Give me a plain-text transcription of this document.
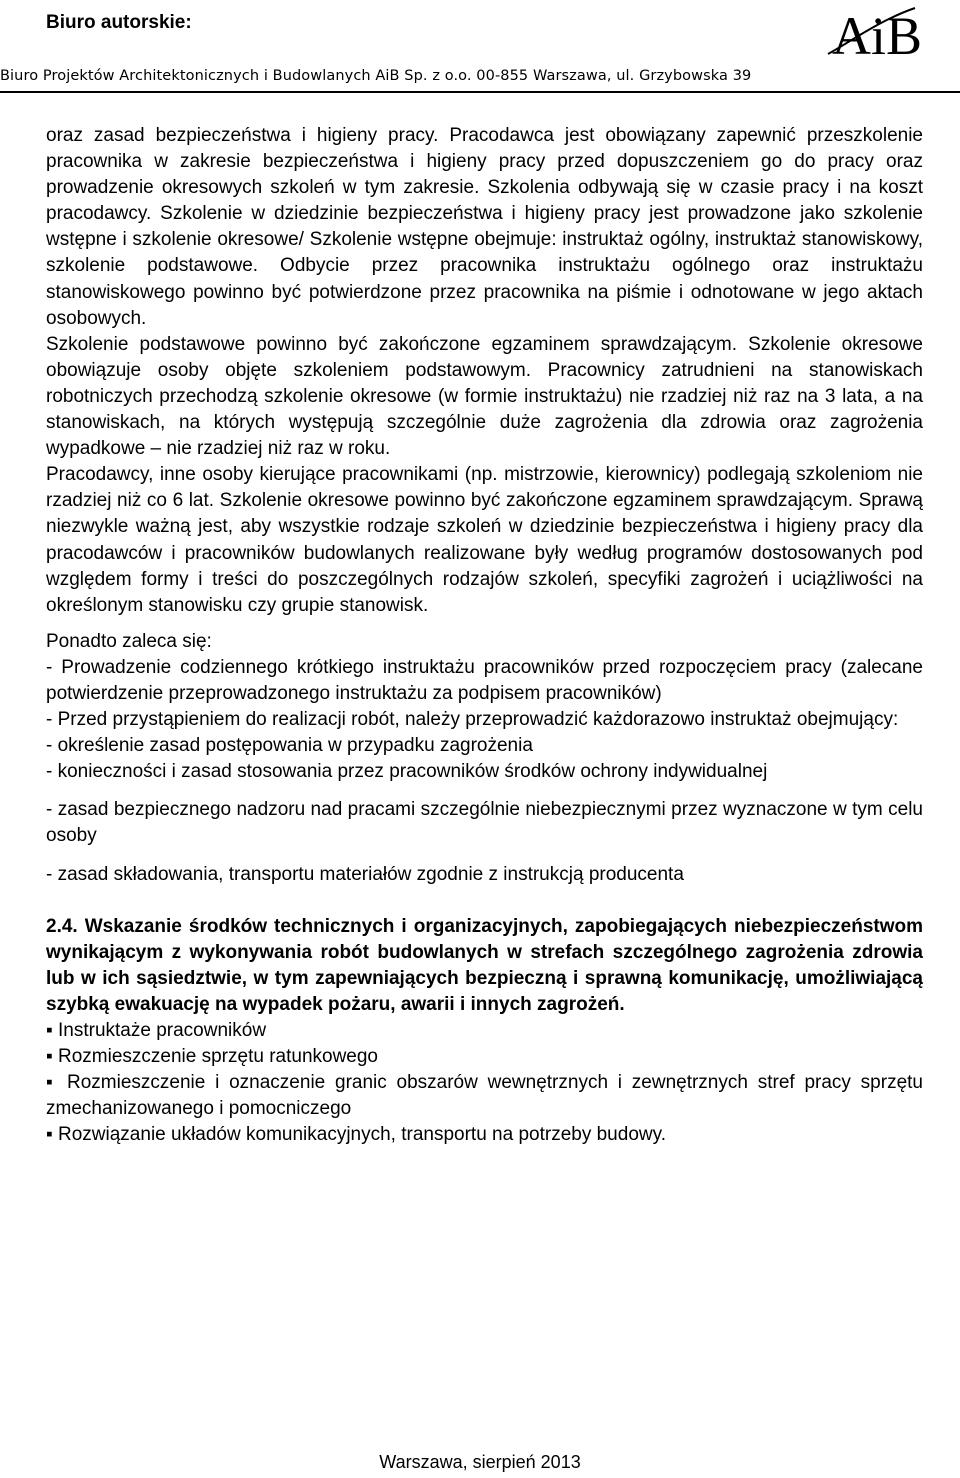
Biuro autorskie:	AiB

Biuro Projektów Architektonicznych i Budowlanych AiB Sp. z o.o. 00-855 Warszawa, ul. Grzybowska 39

oraz zasad bezpieczeństwa i higieny pracy. Pracodawca jest obowiązany zapewnić przeszkolenie pracownika w zakresie bezpieczeństwa i higieny pracy przed dopuszczeniem go do pracy oraz prowadzenie okresowych szkoleń w tym zakresie. Szkolenia odbywają się w czasie pracy i na koszt pracodawcy. Szkolenie w dziedzinie bezpieczeństwa i higieny pracy jest prowadzone jako szkolenie wstępne i szkolenie okresowe/ Szkolenie wstępne obejmuje: instruktaż ogólny, instruktaż stanowiskowy, szkolenie podstawowe. Odbycie przez pracownika instruktażu ogólnego oraz instruktażu stanowiskowego powinno być potwierdzone przez pracownika na piśmie i odnotowane w jego aktach osobowych.

Szkolenie podstawowe powinno być zakończone egzaminem sprawdzającym. Szkolenie okresowe obowiązuje osoby objęte szkoleniem podstawowym. Pracownicy zatrudnieni na stanowiskach robotniczych przechodzą szkolenie okresowe (w formie instruktażu) nie rzadziej niż raz na 3 lata, a na stanowiskach, na których występują szczególnie duże zagrożenia dla zdrowia oraz zagrożenia wypadkowe – nie rzadziej niż raz w roku.

Pracodawcy, inne osoby kierujące pracownikami (np. mistrzowie, kierownicy) podlegają szkoleniom nie rzadziej niż co 6 lat. Szkolenie okresowe powinno być zakończone egzaminem sprawdzającym. Sprawą niezwykle ważną jest, aby wszystkie rodzaje szkoleń w dziedzinie bezpieczeństwa i higieny pracy dla pracodawców i pracowników budowlanych realizowane były według programów dostosowanych pod względem formy i treści do poszczególnych rodzajów szkoleń, specyfiki zagrożeń i uciążliwości na określonym stanowisku czy grupie stanowisk.

Ponadto zaleca się:

- Prowadzenie codziennego krótkiego instruktażu pracowników przed rozpoczęciem pracy (zalecane potwierdzenie przeprowadzonego instruktażu za podpisem pracowników)

- Przed przystąpieniem do realizacji robót, należy przeprowadzić każdorazowo instruktaż obejmujący:

- określenie zasad postępowania w przypadku zagrożenia

- konieczności i zasad stosowania przez pracowników środków ochrony indywidualnej

- zasad bezpiecznego nadzoru nad pracami szczególnie niebezpiecznymi przez wyznaczone w tym celu osoby

- zasad składowania, transportu materiałów zgodnie z instrukcją producenta

2.4. Wskazanie środków technicznych i organizacyjnych, zapobiegających niebezpieczeństwom wynikającym z wykonywania robót budowlanych w strefach szczególnego zagrożenia zdrowia lub w ich sąsiedztwie, w tym zapewniających bezpieczną i sprawną komunikację, umożliwiającą szybką ewakuację na wypadek pożaru, awarii i innych zagrożeń.

▪ Instruktaże pracowników

▪ Rozmieszczenie sprzętu ratunkowego

▪ Rozmieszczenie i oznaczenie granic obszarów wewnętrznych i zewnętrznych stref pracy sprzętu zmechanizowanego i pomocniczego

▪ Rozwiązanie układów komunikacyjnych, transportu na potrzeby budowy.

Warszawa, sierpień 2013
